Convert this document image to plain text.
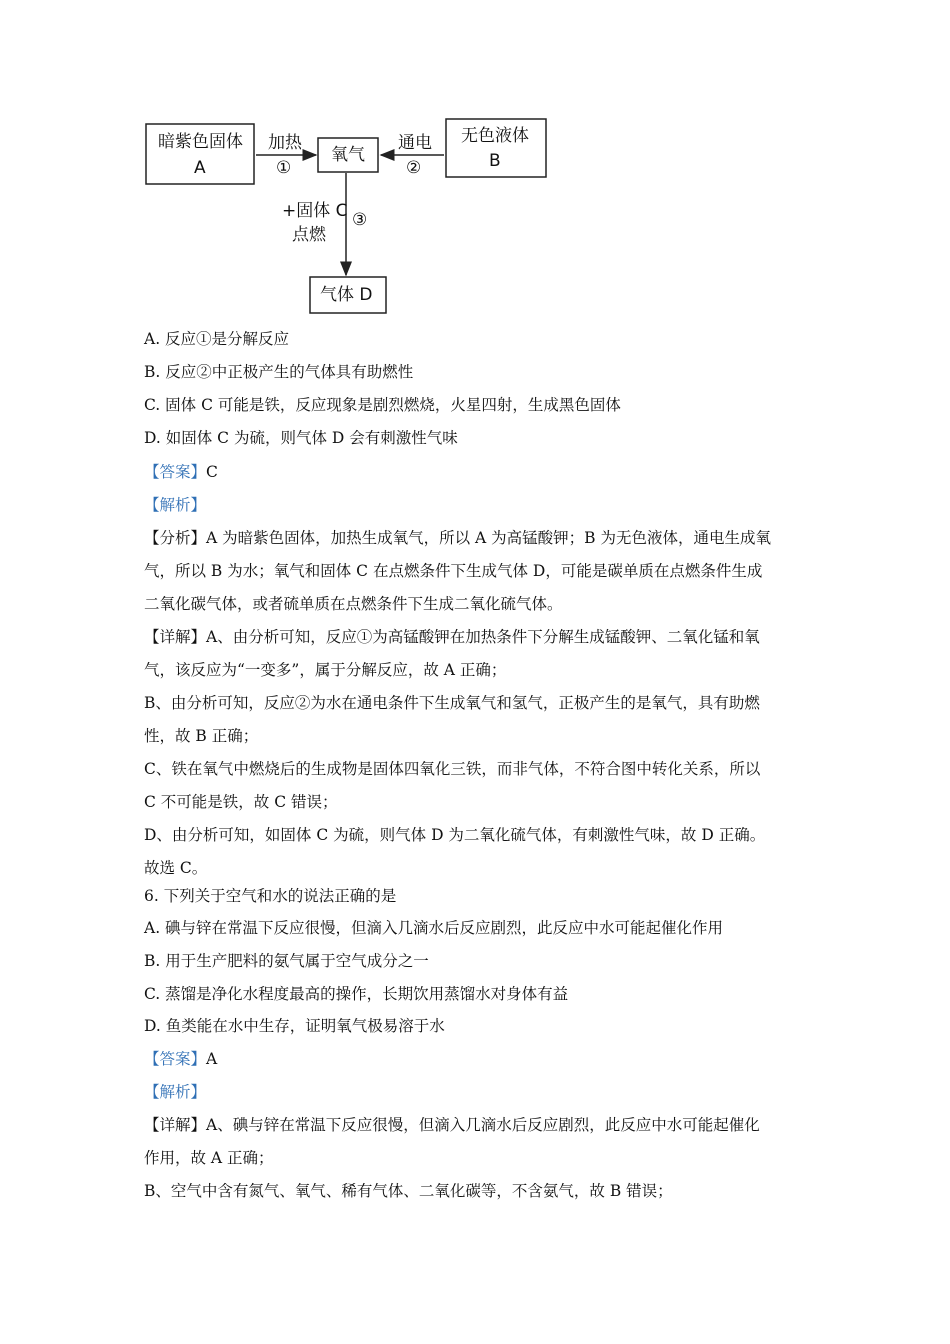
暗紫色固体
A
氧气
无色液体
B
气体 D
加热
①
通电
②
+固体 C
点燃
③
A. 反应①是分解反应
B. 反应②中正极产生的气体具有助燃性
C. 固体 C 可能是铁，反应现象是剧烈燃烧，火星四射，生成黑色固体
D. 如固体 C 为硫，则气体 D 会有刺激性气味
【答案】C
【解析】
【分析】A 为暗紫色固体，加热生成氧气，所以 A 为高锰酸钾；B 为无色液体，通电生成氧
气，所以 B 为水；氧气和固体 C 在点燃条件下生成气体 D，可能是碳单质在点燃条件生成
二氧化碳气体，或者硫单质在点燃条件下生成二氧化硫气体。
【详解】A、由分析可知，反应①为高锰酸钾在加热条件下分解生成锰酸钾、二氧化锰和氧
气，该反应为“一变多”，属于分解反应，故 A 正确；
B、由分析可知，反应②为水在通电条件下生成氧气和氢气，正极产生的是氧气，具有助燃
性，故 B 正确；
C、铁在氧气中燃烧后的生成物是固体四氧化三铁，而非气体，不符合图中转化关系，所以
C 不可能是铁，故 C 错误；
D、由分析可知，如固体 C 为硫，则气体 D 为二氧化硫气体，有刺激性气味，故 D 正确。
故选 C。
6. 下列关于空气和水的说法正确的是
A. 碘与锌在常温下反应很慢，但滴入几滴水后反应剧烈，此反应中水可能起催化作用
B. 用于生产肥料的氨气属于空气成分之一
C. 蒸馏是净化水程度最高的操作，长期饮用蒸馏水对身体有益
D. 鱼类能在水中生存，证明氧气极易溶于水
【答案】A
【解析】
【详解】A、碘与锌在常温下反应很慢，但滴入几滴水后反应剧烈，此反应中水可能起催化
作用，故 A 正确；
B、空气中含有氮气、氧气、稀有气体、二氧化碳等，不含氨气，故 B 错误；
